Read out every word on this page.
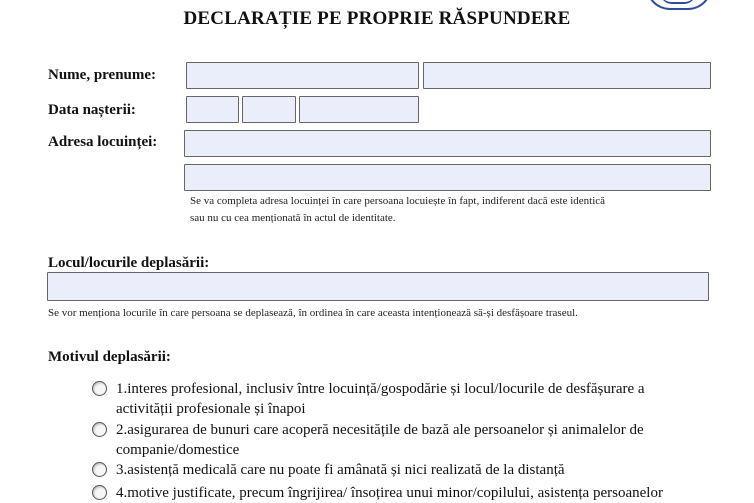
DECLARAȚIE PE PROPRIE RĂSPUNDERE
Nume, prenume:
Data nașterii:
Adresa locuinței:
Se va completa adresa locuinței în care persoana locuiește în fapt, indiferent dacă este identică
sau nu cu cea menționată în actul de identitate.
Locul/locurile deplasării:
Se vor menționa locurile în care persoana se deplasează, în ordinea în care aceasta intenționează să-și desfășoare traseul.
Motivul deplasării:
1.interes profesional, inclusiv între locuință/gospodărie și locul/locurile de desfășurare a
activității profesionale și înapoi
2.asigurarea de bunuri care acoperă necesitățile de bază ale persoanelor și animalelor de
companie/domestice
3.asistență medicală care nu poate fi amânată și nici realizată de la distanță
4.motive justificate, precum îngrijirea/ însoțirea unui minor/copilului, asistența persoanelor
